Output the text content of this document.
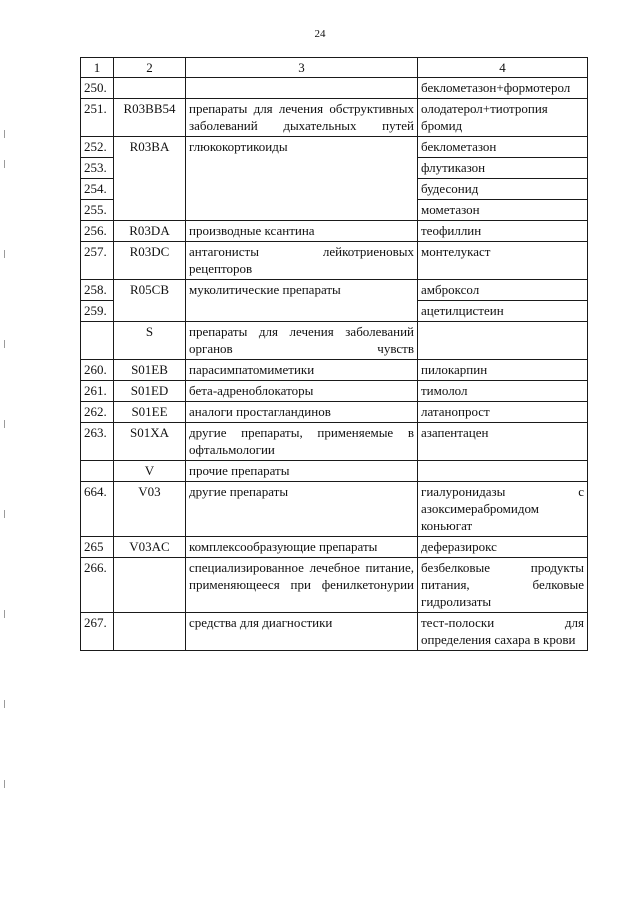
24
1	2	3	4
250.			беклометазон+формотерол
251.	R03BB54	препараты для лечения обструктивных заболеваний дыхательных путей	олодатерол+тиотропия бромид
252.	R03BA	глюкокортикоиды	беклометазон
253.			флутиказон
254.			будесонид
255.			мометазон
256.	R03DA	производные ксантина	теофиллин
257.	R03DC	антагонисты лейкотриеновых рецепторов	монтелукаст
258.	R05CB	муколитические препараты	амброксол
259.			ацетилцистеин
	S	препараты для лечения заболеваний органов чувств	
260.	S01EB	парасимпатомиметики	пилокарпин
261.	S01ED	бета-адреноблокаторы	тимолол
262.	S01EE	аналоги простагландинов	латанопрост
263.	S01XA	другие препараты, применяемые в офтальмологии	азапентацен
	V	прочие препараты	
664.	V03	другие препараты	гиалуронидазы с азоксимерабромидом коньюгат
265	V03AC	комплексообразующие препараты	деферазирокс
266.		специализированное лечебное питание, применяющееся при фенилкетонурии	безбелковые продукты питания, белковые гидролизаты
267.		средства для диагностики	тест-полоски для определения сахара в крови
